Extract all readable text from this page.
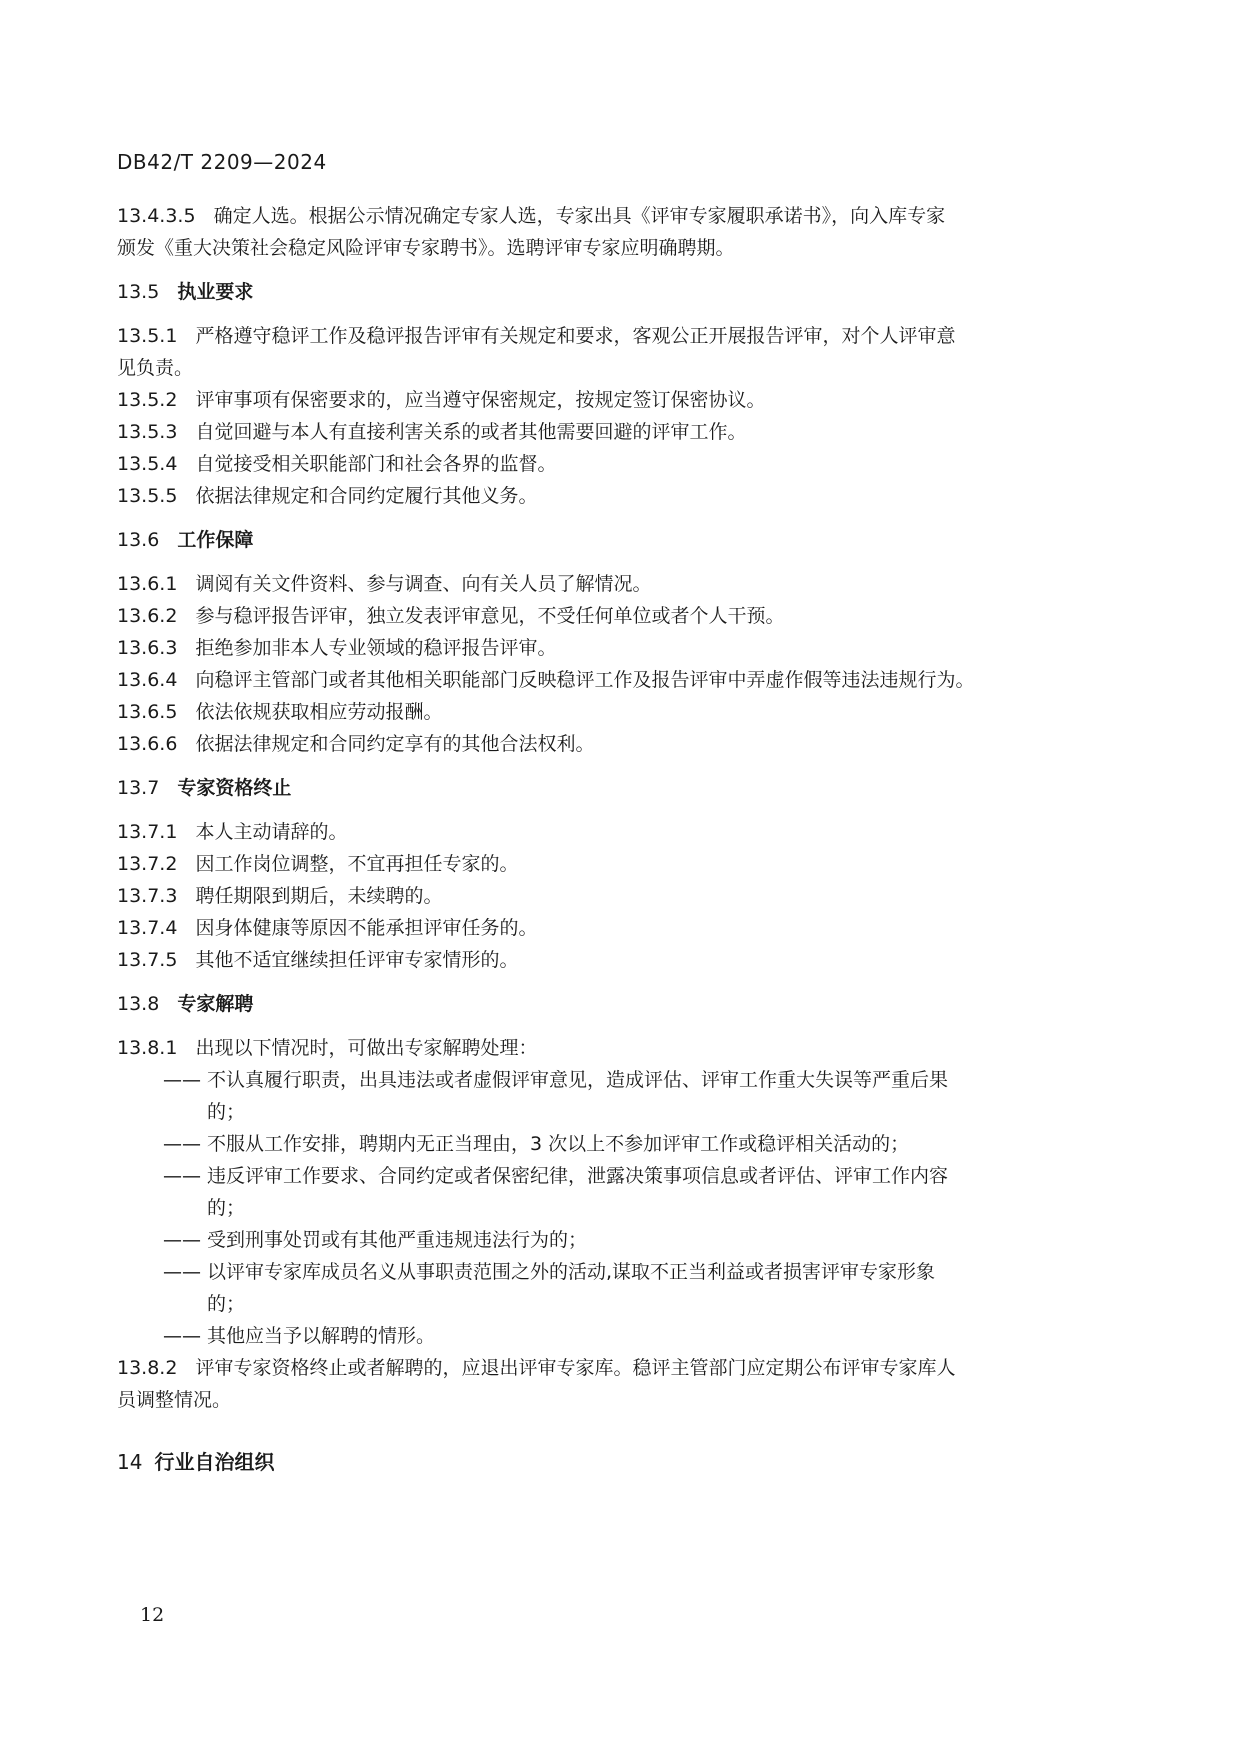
DB42/T 2209—2024
13.4.3.5 确定人选。根据公示情况确定专家人选，专家出具《评审专家履职承诺书》，向入库专家
颁发《重大决策社会稳定风险评审专家聘书》。选聘评审专家应明确聘期。
13.5 执业要求
13.5.1 严格遵守稳评工作及稳评报告评审有关规定和要求，客观公正开展报告评审，对个人评审意
见负责。
13.5.2 评审事项有保密要求的，应当遵守保密规定，按规定签订保密协议。
13.5.3 自觉回避与本人有直接利害关系的或者其他需要回避的评审工作。
13.5.4 自觉接受相关职能部门和社会各界的监督。
13.5.5 依据法律规定和合同约定履行其他义务。
13.6 工作保障
13.6.1 调阅有关文件资料、参与调查、向有关人员了解情况。
13.6.2 参与稳评报告评审，独立发表评审意见，不受任何单位或者个人干预。
13.6.3 拒绝参加非本人专业领域的稳评报告评审。
13.6.4 向稳评主管部门或者其他相关职能部门反映稳评工作及报告评审中弄虚作假等违法违规行为。
13.6.5 依法依规获取相应劳动报酬。
13.6.6 依据法律规定和合同约定享有的其他合法权利。
13.7 专家资格终止
13.7.1 本人主动请辞的。
13.7.2 因工作岗位调整，不宜再担任专家的。
13.7.3 聘任期限到期后，未续聘的。
13.7.4 因身体健康等原因不能承担评审任务的。
13.7.5 其他不适宜继续担任评审专家情形的。
13.8 专家解聘
13.8.1 出现以下情况时，可做出专家解聘处理：
—— 不认真履行职责，出具违法或者虚假评审意见，造成评估、评审工作重大失误等严重后果
的；
—— 不服从工作安排，聘期内无正当理由，3 次以上不参加评审工作或稳评相关活动的；
—— 违反评审工作要求、合同约定或者保密纪律，泄露决策事项信息或者评估、评审工作内容
的；
—— 受到刑事处罚或有其他严重违规违法行为的；
—— 以评审专家库成员名义从事职责范围之外的活动,谋取不正当利益或者损害评审专家形象
的；
—— 其他应当予以解聘的情形。
13.8.2 评审专家资格终止或者解聘的，应退出评审专家库。稳评主管部门应定期公布评审专家库人
员调整情况。
14 行业自治组织
12
